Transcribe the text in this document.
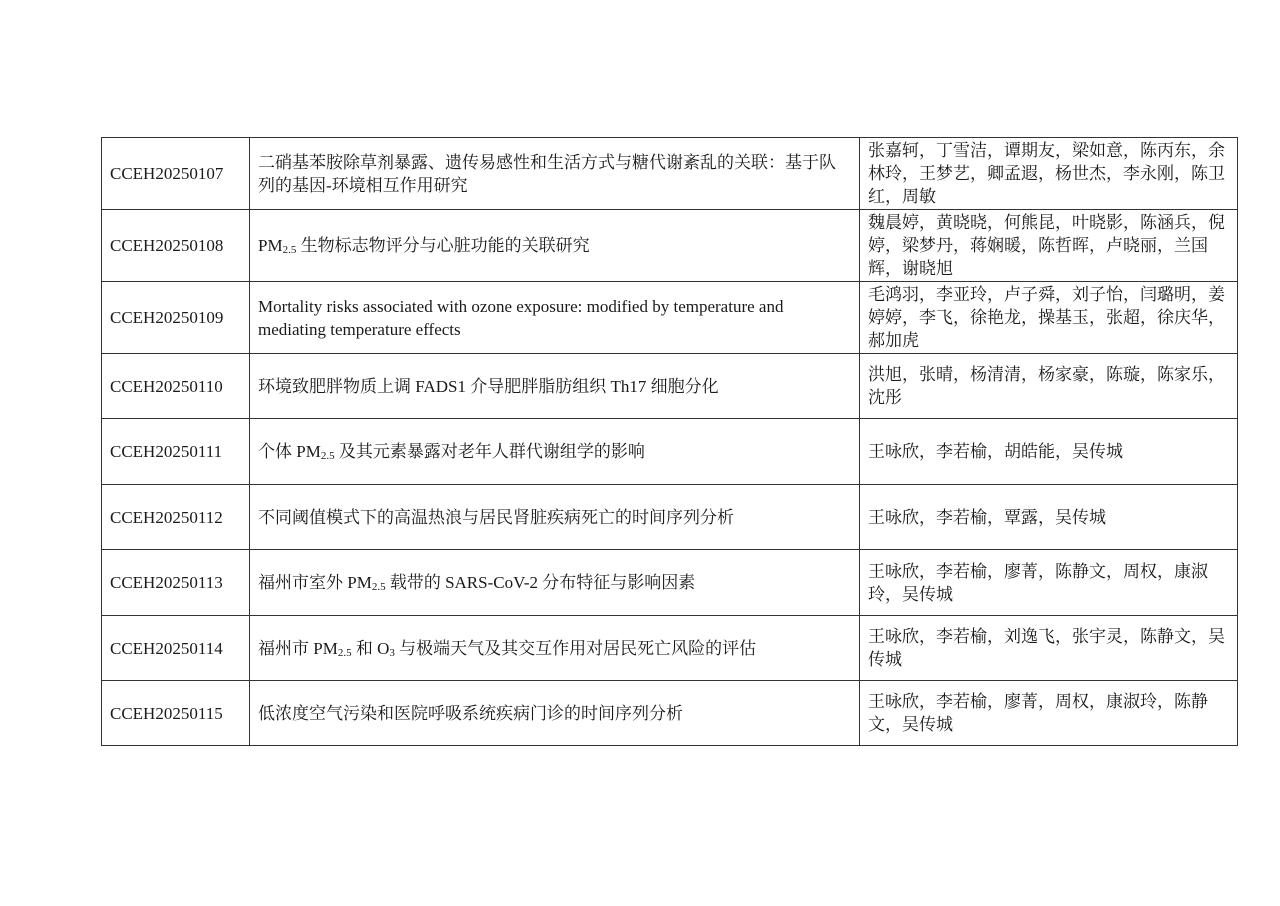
CCEH20250107	二硝基苯胺除草剂暴露、遗传易感性和生活方式与糖代谢紊乱的关联：基于队列的基因-环境相互作用研究	张嘉轲，丁雪洁，谭期友，梁如意，陈丙东，余林玲，王梦艺，卿孟遐，杨世杰，李永刚，陈卫红，周敏
CCEH20250108	$PM_{2.5}$ 生物标志物评分与心脏功能的关联研究	魏晨婷，黄晓晓，何熊昆，叶晓影，陈涵兵，倪婷，梁梦丹，蒋娴暖，陈哲晖，卢晓丽，兰国辉，谢晓旭
CCEH20250109	Mortality risks associated with ozone exposure: modified by temperature and mediating temperature effects	毛鸿羽，李亚玲，卢子舜，刘子怡，闫璐明，姜婷婷，李飞，徐艳龙，操基玉，张超，徐庆华，郝加虎
CCEH20250110	环境致肥胖物质上调 FADS1 介导肥胖脂肪组织 Th17 细胞分化	洪旭，张晴，杨清清，杨家豪，陈璇，陈家乐，沈彤
CCEH20250111	个体 $PM_{2.5}$ 及其元素暴露对老年人群代谢组学的影响	王咏欣，李若榆，胡皓能，吴传城
CCEH20250112	不同阈值模式下的高温热浪与居民肾脏疾病死亡的时间序列分析	王咏欣，李若榆，覃露，吴传城
CCEH20250113	福州市室外 $PM_{2.5}$ 载带的 SARS-CoV-2 分布特征与影响因素	王咏欣，李若榆，廖菁，陈静文，周权，康淑玲，吴传城
CCEH20250114	福州市 $PM_{2.5}$ 和 $O_3$ 与极端天气及其交互作用对居民死亡风险的评估	王咏欣，李若榆，刘逸飞，张宇灵，陈静文，吴传城
CCEH20250115	低浓度空气污染和医院呼吸系统疾病门诊的时间序列分析	王咏欣，李若榆，廖菁，周权，康淑玲，陈静文，吴传城
